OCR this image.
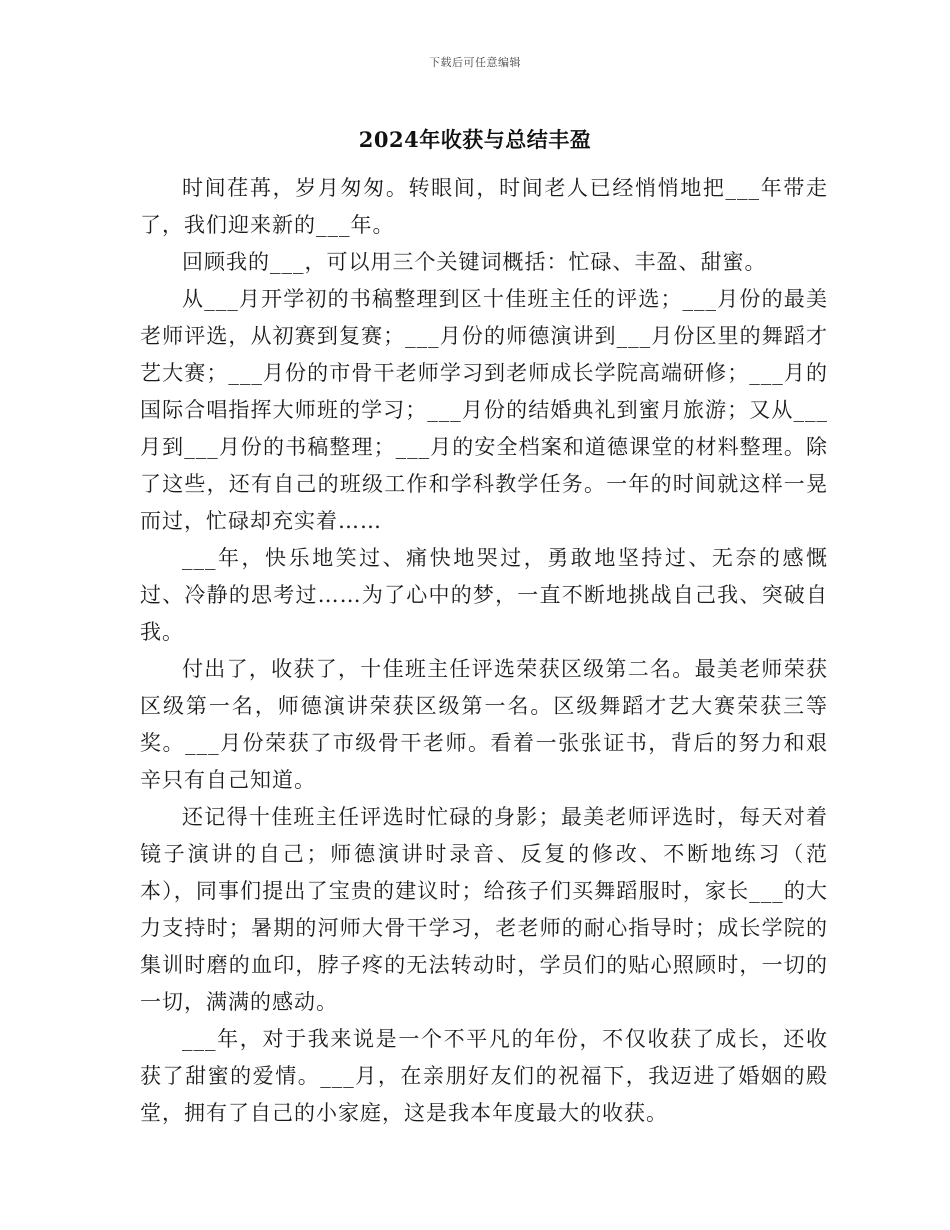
下载后可任意编辑
2024年收获与总结丰盈

时间荏苒，岁月匆匆。转眼间，时间老人已经悄悄地把___年带走了，我们迎来新的___年。

回顾我的___，可以用三个关键词概括：忙碌、丰盈、甜蜜。

从___月开学初的书稿整理到区十佳班主任的评选；___月份的最美老师评选，从初赛到复赛；___月份的师德演讲到___月份区里的舞蹈才艺大赛；___月份的市骨干老师学习到老师成长学院高端研修；___月的国际合唱指挥大师班的学习；___月份的结婚典礼到蜜月旅游；又从___月到___月份的书稿整理；___月的安全档案和道德课堂的材料整理。除了这些，还有自己的班级工作和学科教学任务。一年的时间就这样一晃而过，忙碌却充实着……

___年，快乐地笑过、痛快地哭过，勇敢地坚持过、无奈的感慨过、冷静的思考过……为了心中的梦，一直不断地挑战自己我、突破自我。

付出了，收获了，十佳班主任评选荣获区级第二名。最美老师荣获区级第一名，师德演讲荣获区级第一名。区级舞蹈才艺大赛荣获三等奖。___月份荣获了市级骨干老师。看着一张张证书，背后的努力和艰辛只有自己知道。

还记得十佳班主任评选时忙碌的身影；最美老师评选时，每天对着镜子演讲的自己；师德演讲时录音、反复的修改、不断地练习（范本），同事们提出了宝贵的建议时；给孩子们买舞蹈服时，家长___的大力支持时；暑期的河师大骨干学习，老老师的耐心指导时；成长学院的集训时磨的血印，脖子疼的无法转动时，学员们的贴心照顾时，一切的一切，满满的感动。

___年，对于我来说是一个不平凡的年份，不仅收获了成长，还收获了甜蜜的爱情。___月，在亲朋好友们的祝福下，我迈进了婚姻的殿堂，拥有了自己的小家庭，这是我本年度最大的收获。
